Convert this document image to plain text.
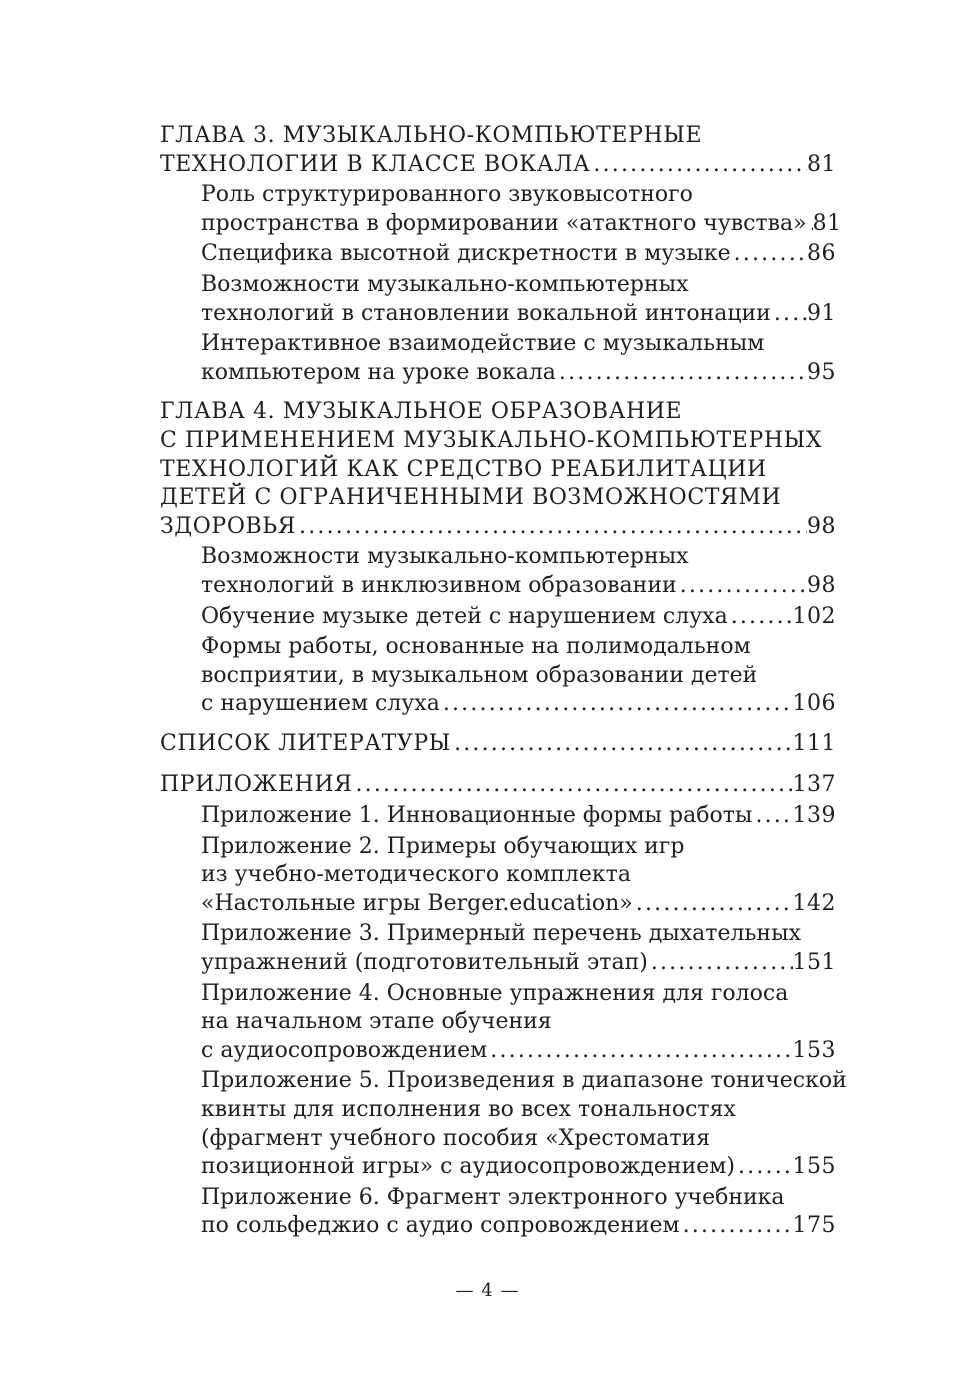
ГЛАВА 3. МУЗЫКАЛЬНО-КОМПЬЮТЕРНЫЕ
ТЕХНОЛОГИИ В КЛАССЕ ВОКАЛА . . .	81
Роль структурированного звуковысотного
пространства в формировании «атактного чувства» . . . 81
Специфика высотной дискретности в музыке . . .	86
Возможности музыкально-компьютерных
технологий в становлении вокальной интонации . . . 91
Интерактивное взаимодействие с музыкальным
компьютером на уроке вокала . . .	95
ГЛАВА 4. МУЗЫКАЛЬНОЕ ОБРАЗОВАНИЕ
С ПРИМЕНЕНИЕМ МУЗЫКАЛЬНО-КОМПЬЮТЕРНЫХ
ТЕХНОЛОГИЙ КАК СРЕДСТВО РЕАБИЛИТАЦИИ
ДЕТЕЙ С ОГРАНИЧЕННЫМИ ВОЗМОЖНОСТЯМИ
ЗДОРОВЬЯ . . .	98
Возможности музыкально-компьютерных
технологий в инклюзивном образовании . . .	98
Обучение музыке детей с нарушением слуха . . .	102
Формы работы, основанные на полимодальном
восприятии, в музыкальном образовании детей
с нарушением слуха . . .	106
СПИСОК ЛИТЕРАТУРЫ . . .	111
ПРИЛОЖЕНИЯ . . .	137
Приложение 1. Инновационные формы работы . . . 139
Приложение 2. Примеры обучающих игр
из учебно-методического комплекта
«Настольные игры Berger.education» . . .	142
Приложение 3. Примерный перечень дыхательных
упражнений (подготовительный этап) . . .	151
Приложение 4. Основные упражнения для голоса
на начальном этапе обучения
с аудиосопровождением . . .	153
Приложение 5. Произведения в диапазоне тонической
квинты для исполнения во всех тональностях
(фрагмент учебного пособия «Хрестоматия
позиционной игры» с аудиосопровождением) . . .	155
Приложение 6. Фрагмент электронного учебника
по сольфеджио с аудио сопровождением . . .	175
— 4 —
